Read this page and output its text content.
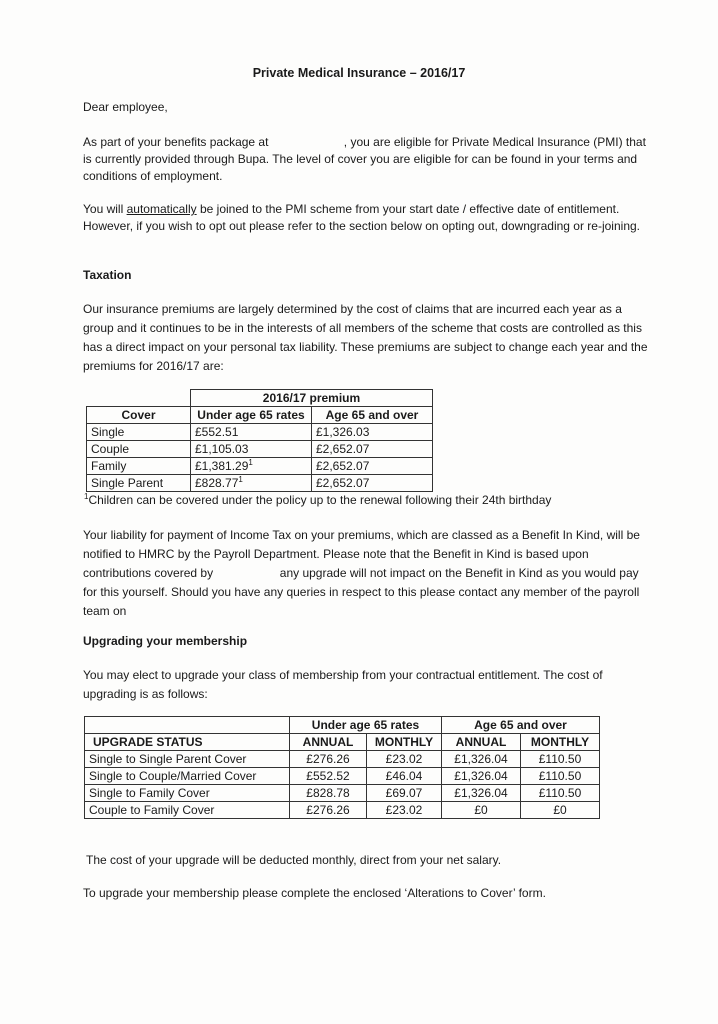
Private Medical Insurance – 2016/17

Dear employee,

As part of your benefits package at	, you are eligible for Private Medical Insurance (PMI) that is currently provided through Bupa. The level of cover you are eligible for can be found in your terms and conditions of employment.

You will automatically be joined to the PMI scheme from your start date / effective date of entitlement. However, if you wish to opt out please refer to the section below on opting out, downgrading or re-joining.

Taxation

Our insurance premiums are largely determined by the cost of claims that are incurred each year as a group and it continues to be in the interests of all members of the scheme that costs are controlled as this has a direct impact on your personal tax liability. These premiums are subject to change each year and the premiums for 2016/17 are:

	2016/17 premium	
Cover	Under age 65 rates	Age 65 and over
Single	£552.51	£1,326.03
Couple	£1,105.03	£2,652.07
Family	£1,381.29$^1$	£2,652.07
Single Parent	£828.77$^1$	£2,652.07
$^1$Children can be covered under the policy up to the renewal following their 24th birthday

Your liability for payment of Income Tax on your premiums, which are classed as a Benefit In Kind, will be notified to HMRC by the Payroll Department. Please note that the Benefit in Kind is based upon contributions covered by	any upgrade will not impact on the Benefit in Kind as you would pay for this yourself. Should you have any queries in respect to this please contact any member of the payroll team on

Upgrading your membership

You may elect to upgrade your class of membership from your contractual entitlement. The cost of upgrading is as follows:

	Under age 65 rates		Age 65 and over	
UPGRADE STATUS	ANNUAL	MONTHLY	ANNUAL	MONTHLY
Single to Single Parent Cover	£276.26	£23.02	£1,326.04	£110.50
Single to Couple/Married Cover	£552.52	£46.04	£1,326.04	£110.50
Single to Family Cover	£828.78	£69.07	£1,326.04	£110.50
Couple to Family Cover	£276.26	£23.02	£0	£0

The cost of your upgrade will be deducted monthly, direct from your net salary.

To upgrade your membership please complete the enclosed ‘Alterations to Cover’ form.
